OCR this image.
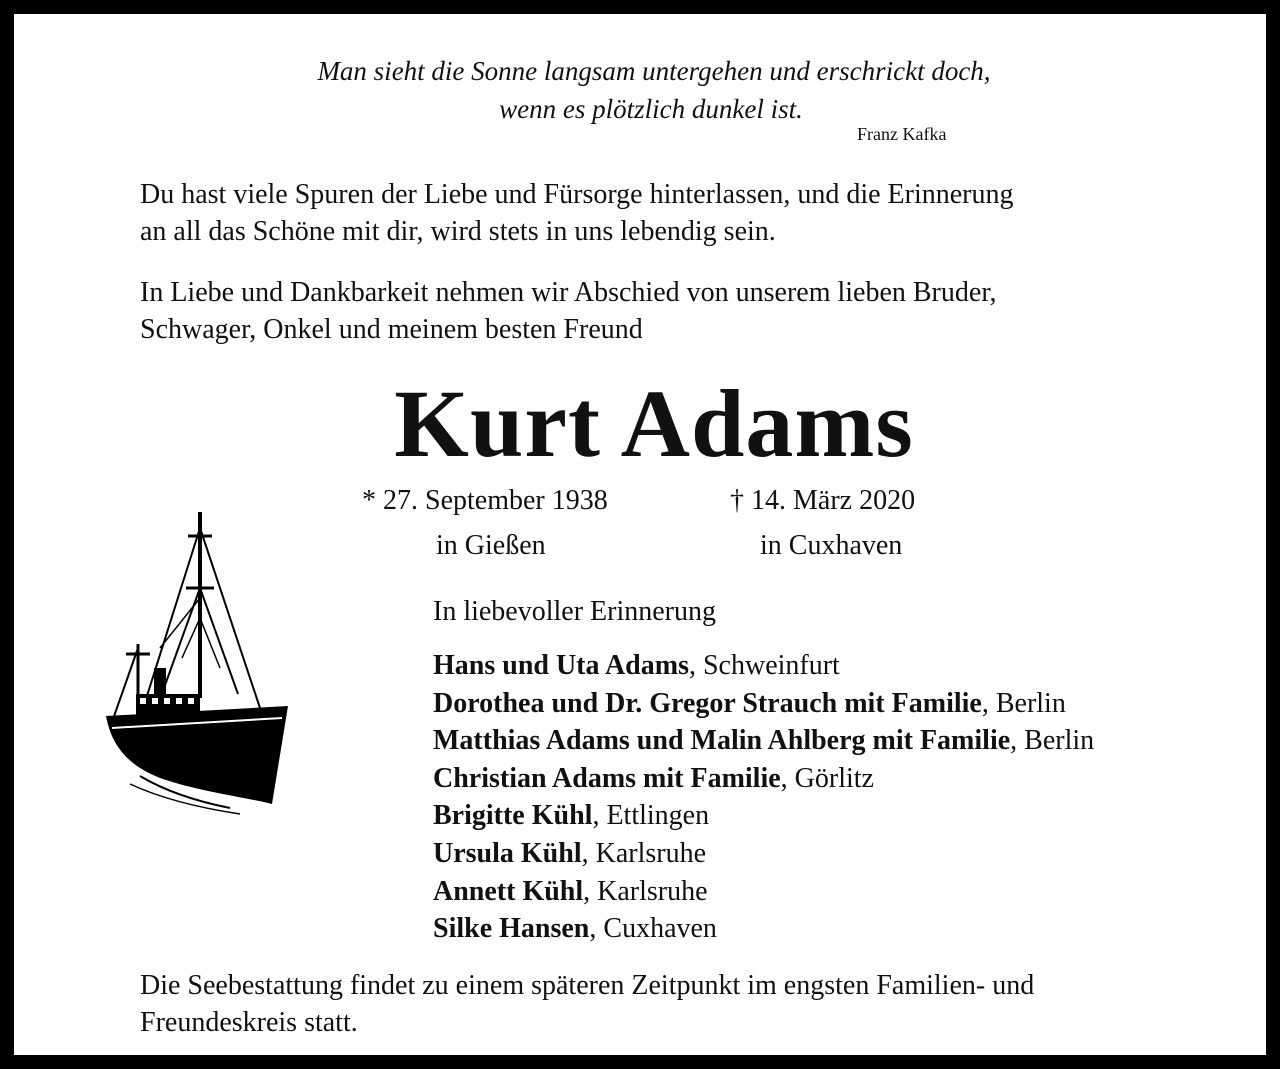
Man sieht die Sonne langsam untergehen und erschrickt doch,
wenn es plötzlich dunkel ist.
Franz Kafka
Du hast viele Spuren der Liebe und Fürsorge hinterlassen, und die Erinnerung
an all das Schöne mit dir, wird stets in uns lebendig sein.
In Liebe und Dankbarkeit nehmen wir Abschied von unserem lieben Bruder,
Schwager, Onkel und meinem besten Freund
Kurt Adams
* 27. September 1938
in Gießen
† 14. März 2020
in Cuxhaven
In liebevoller Erinnerung
Hans und Uta Adams, Schweinfurt
Dorothea und Dr. Gregor Strauch mit Familie, Berlin
Matthias Adams und Malin Ahlberg mit Familie, Berlin
Christian Adams mit Familie, Görlitz
Brigitte Kühl, Ettlingen
Ursula Kühl, Karlsruhe
Annett Kühl, Karlsruhe
Silke Hansen, Cuxhaven
Die Seebestattung findet zu einem späteren Zeitpunkt im engsten Familien- und
Freundeskreis statt.
